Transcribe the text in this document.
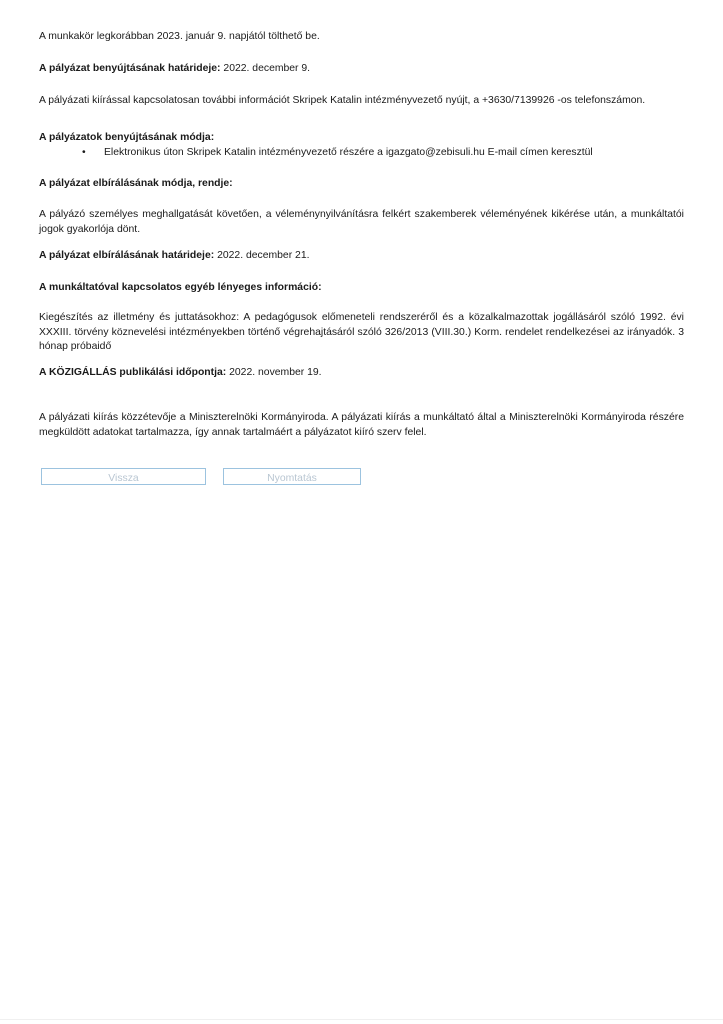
A munkakör legkorábban 2023. január 9. napjától tölthető be.
A pályázat benyújtásának határideje: 2022. december 9.
A pályázati kiírással kapcsolatosan további információt Skripek Katalin intézményvezető nyújt, a +3630/7139926 -os telefonszámon.
A pályázatok benyújtásának módja:
• Elektronikus úton Skripek Katalin intézményvezető részére a igazgato@zebisuli.hu E-mail címen keresztül
A pályázat elbírálásának módja, rendje:
A pályázó személyes meghallgatását követően, a véleménynyilvánításra felkért szakemberek véleményének kikérése után, a munkáltatói jogok gyakorlója dönt.
A pályázat elbírálásának határideje: 2022. december 21.
A munkáltatóval kapcsolatos egyéb lényeges információ:
Kiegészítés az illetmény és juttatásokhoz: A pedagógusok előmeneteli rendszeréről és a közalkalmazottak jogállásáról szóló 1992. évi XXXIII. törvény köznevelési intézményekben történő végrehajtásáról szóló 326/2013 (VIII.30.) Korm. rendelet rendelkezései az irányadók. 3 hónap próbaidő
A KÖZIGÁLLÁS publikálási időpontja: 2022. november 19.
A pályázati kiírás közzétevője a Miniszterelnöki Kormányiroda. A pályázati kiírás a munkáltató által a Miniszterelnöki Kormányiroda részére megküldött adatokat tartalmazza, így annak tartalmáért a pályázatot kiíró szerv felel.
Vissza	Nyomtatás
